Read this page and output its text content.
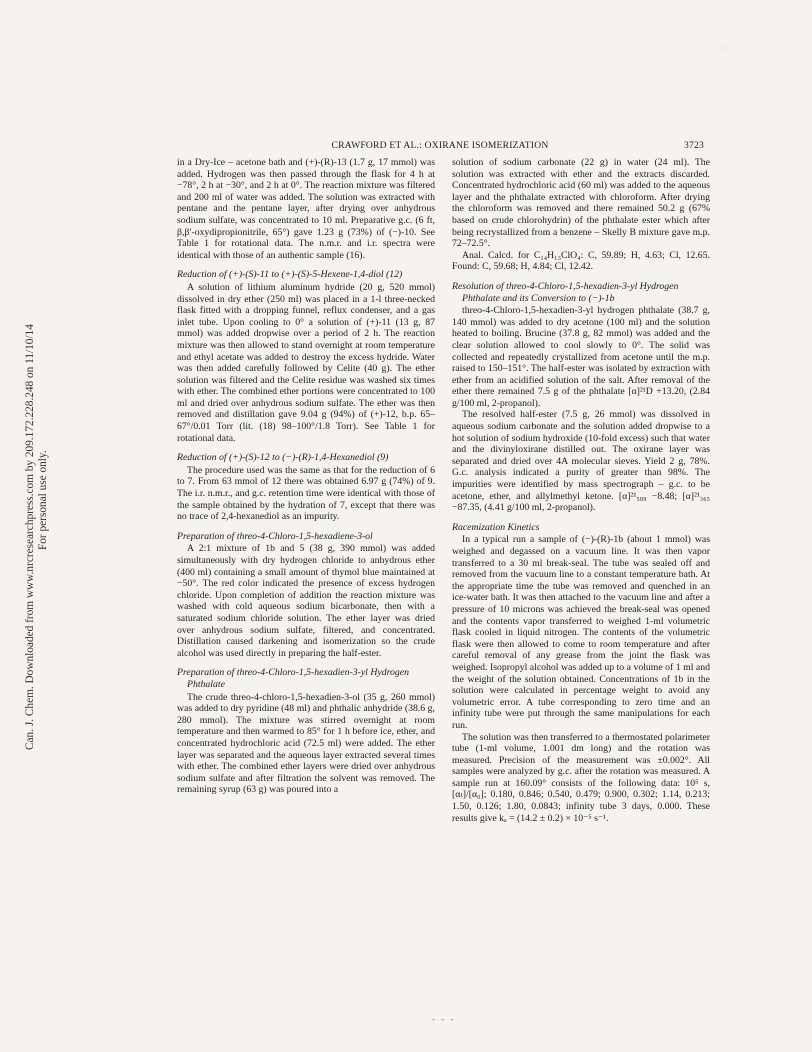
Can. J. Chem. Downloaded from www.nrcresearchpress.com by 209.172.228.248 on 11/10/14 For personal use only.
· ·
CRAWFORD ET AL.: OXIRANE ISOMERIZATION	3723

in a Dry-Ice – acetone bath and (+)-(R)-13 (1.7 g, 17 mmol) was added. Hydrogen was then passed through the flask for 4 h at −78°, 2 h at −30°, and 2 h at 0°. The reaction mixture was filtered and 200 ml of water was added. The solution was extracted with pentane and the pentane layer, after drying over anhydrous sodium sulfate, was concentrated to 10 ml. Preparative g.c. (6 ft, β,β′-oxydipropionitrile, 65°) gave 1.23 g (73%) of (−)-10. See Table 1 for rotational data. The n.m.r. and i.r. spectra were identical with those of an authentic sample (16).

Reduction of (+)-(S)-11 to (+)-(S)-5-Hexene-1,4-diol (12)

A solution of lithium aluminum hydride (20 g, 520 mmol) dissolved in dry ether (250 ml) was placed in a 1-l three-necked flask fitted with a dropping funnel, reflux condenser, and a gas inlet tube. Upon cooling to 0° a solution of (+)-11 (13 g, 87 mmol) was added dropwise over a period of 2 h. The reaction mixture was then allowed to stand overnight at room temperature and ethyl acetate was added to destroy the excess hydride. Water was then added carefully followed by Celite (40 g). The ether solution was filtered and the Celite residue was washed six times with ether. The combined ether portions were concentrated to 100 ml and dried over anhydrous sodium sulfate. The ether was then removed and distillation gave 9.04 g (94%) of (+)-12, b.p. 65–67°/0.01 Torr (lit. (18) 98–100°/1.8 Torr). See Table 1 for rotational data.

Reduction of (+)-(S)-12 to (−)-(R)-1,4-Hexanediol (9)

The procedure used was the same as that for the reduction of 6 to 7. From 63 mmol of 12 there was obtained 6.97 g (74%) of 9. The i.r. n.m.r., and g.c. retention time were identical with those of the sample obtained by the hydration of 7, except that there was no trace of 2,4-hexanediol as an impurity.

Preparation of threo-4-Chloro-1,5-hexadiene-3-ol

A 2:1 mixture of 1b and 5 (38 g, 390 mmol) was added simultaneously with dry hydrogen chloride to anhydrous ether (400 ml) containing a small amount of thymol blue maintained at −50°. The red color indicated the presence of excess hydrogen chloride. Upon completion of addition the reaction mixture was washed with cold aqueous sodium bicarbonate, then with a saturated sodium chloride solution. The ether layer was dried over anhydrous sodium sulfate, filtered, and concentrated. Distillation caused darkening and isomerization so the crude alcohol was used directly in preparing the half-ester.

Preparation of threo-4-Chloro-1,5-hexadien-3-yl Hydrogen Phthalate

The crude threo-4-chloro-1,5-hexadien-3-ol (35 g, 260 mmol) was added to dry pyridine (48 ml) and phthalic anhydride (38.6 g, 280 mmol). The mixture was stirred overnight at room temperature and then warmed to 85° for 1 h before ice, ether, and concentrated hydrochloric acid (72.5 ml) were added. The ether layer was separated and the aqueous layer extracted several times with ether. The combined ether layers were dried over anhydrous sodium sulfate and after filtration the solvent was removed. The remaining syrup (63 g) was poured into a

solution of sodium carbonate (22 g) in water (24 ml). The solution was extracted with ether and the extracts discarded. Concentrated hydrochloric acid (60 ml) was added to the aqueous layer and the phthalate extracted with chloroform. After drying the chloroform was removed and there remained 50.2 g (67% based on crude chlorohydrin) of the phthalate ester which after being recrystallized from a benzene – Skelly B mixture gave m.p. 72–72.5°.

Anal. Calcd. for C₁₄H₁₃ClO₄: C, 59.89; H, 4.63; Cl, 12.65. Found: C, 59.68; H, 4.84; Cl, 12.42.

Resolution of threo-4-Chloro-1,5-hexadien-3-yl Hydrogen Phthalate and its Conversion to (−)-1b

threo-4-Chloro-1,5-hexadien-3-yl hydrogen phthalate (38.7 g, 140 mmol) was added to dry acetone (100 ml) and the solution heated to boiling. Brucine (37.8 g, 82 mmol) was added and the clear solution allowed to cool slowly to 0°. The solid was collected and repeatedly crystallized from acetone until the m.p. raised to 150–151°. The half-ester was isolated by extraction with ether from an acidified solution of the salt. After removal of the ether there remained 7.5 g of the phthalate [α]²¹D +13.20, (2.84 g/100 ml, 2-propanol).

The resolved half-ester (7.5 g, 26 mmol) was dissolved in aqueous sodium carbonate and the solution added dropwise to a hot solution of sodium hydroxide (10-fold excess) such that water and the divinyloxirane distilled out. The oxirane layer was separated and dried over 4A molecular sieves. Yield 2 g, 78%. G.c. analysis indicated a purity of greater than 98%. The impurities were identified by mass spectrograph – g.c. to be acetone, ether, and allylmethyl ketone. [α]²¹₅₈₉ −8.48; [α]²¹₃₆₅ −87.35, (4.41 g/100 ml, 2-propanol).

Racemization Kinetics

In a typical run a sample of (−)-(R)-1b (about 1 mmol) was weighed and degassed on a vacuum line. It was then vapor transferred to a 30 ml break-seal. The tube was sealed off and removed from the vacuum line to a constant temperature bath. At the appropriate time the tube was removed and quenched in an ice-water bath. It was then attached to the vacuum line and after a pressure of 10 microns was achieved the break-seal was opened and the contents vapor transferred to weighed 1-ml volumetric flask cooled in liquid nitrogen. The contents of the volumetric flask were then allowed to come to room temperature and after careful removal of any grease from the joint the flask was weighed. Isopropyl alcohol was added up to a volume of 1 ml and the weight of the solution obtained. Concentrations of 1b in the solution were calculated in percentage weight to avoid any volumetric error. A tube corresponding to zero time and an infinity tube were put through the same manipulations for each run.

The solution was then transferred to a thermostated polarimeter tube (1-ml volume, 1.001 dm long) and the rotation was measured. Precision of the measurement was ±0.002°. All samples were analyzed by g.c. after the rotation was measured. A sample run at 160.09° consists of the following data: 10⁵ s, [αₜ]/[α₀]; 0.180, 0.846; 0.540, 0.479; 0.900, 0.302; 1.14, 0.213; 1.50, 0.126; 1.80, 0.0843; infinity tube 3 days, 0.000. These results give kₐ = (14.2 ± 0.2) × 10⁻⁵ s⁻¹.

- - -
